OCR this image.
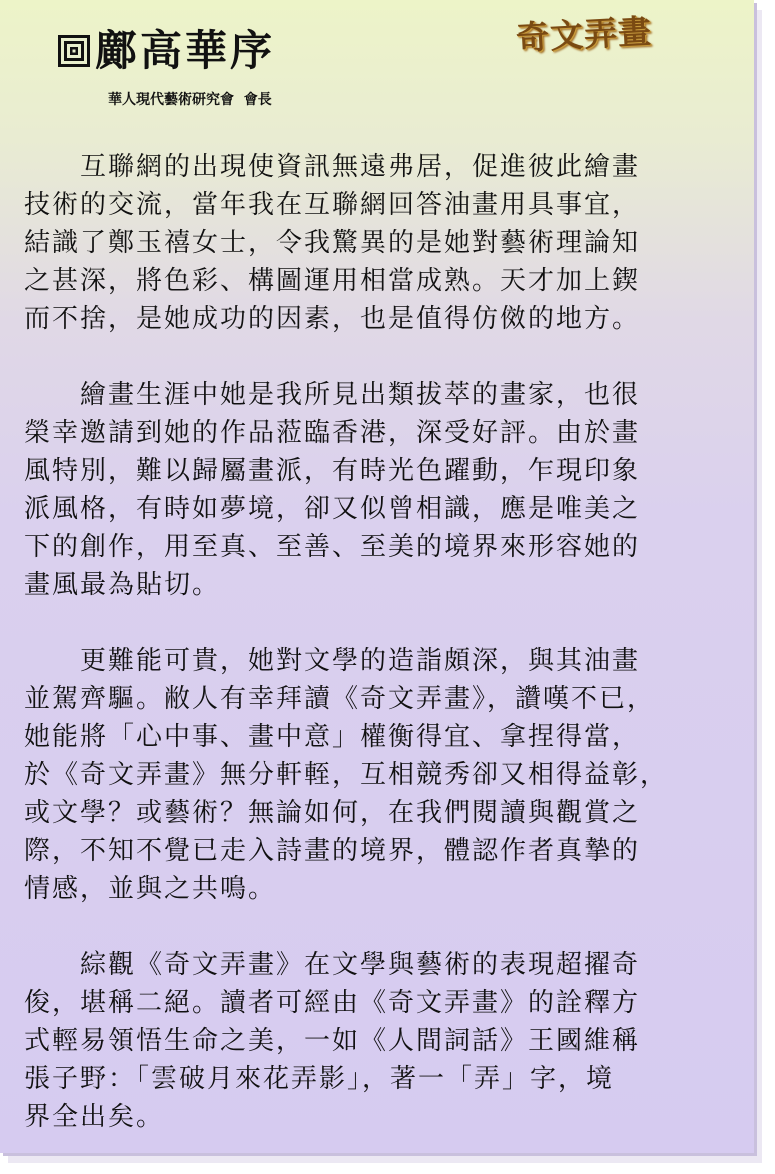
鄺高華序	奇文弄畫
華人現代藝術研究會  會長
　　互聯網的出現使資訊無遠弗居，促進彼此繪畫
技術的交流，當年我在互聯網回答油畫用具事宜，
結識了鄭玉禧女士，令我驚異的是她對藝術理論知
之甚深，將色彩、構圖運用相當成熟。天才加上鍥
而不捨，是她成功的因素，也是值得仿傚的地方。
　　繪畫生涯中她是我所見出類拔萃的畫家，也很
榮幸邀請到她的作品蒞臨香港，深受好評。由於畫
風特別，難以歸屬畫派，有時光色躍動，乍現印象
派風格，有時如夢境，卻又似曾相識，應是唯美之
下的創作，用至真、至善、至美的境界來形容她的
畫風最為貼切。
　　更難能可貴，她對文學的造詣頗深，與其油畫
並駕齊驅。敝人有幸拜讀《奇文弄畫》，讚嘆不已，
她能將「心中事、畫中意」權衡得宜、拿捏得當，
於《奇文弄畫》無分軒輊，互相競秀卻又相得益彰，
或文學？或藝術？無論如何，在我們閱讀與觀賞之
際，不知不覺已走入詩畫的境界，體認作者真摯的
情感，並與之共鳴。
　　綜觀《奇文弄畫》在文學與藝術的表現超擢奇
俊，堪稱二絕。讀者可經由《奇文弄畫》的詮釋方
式輕易領悟生命之美，一如《人間詞話》王國維稱
張子野：「雲破月來花弄影」，著一「弄」字，境
界全出矣。
